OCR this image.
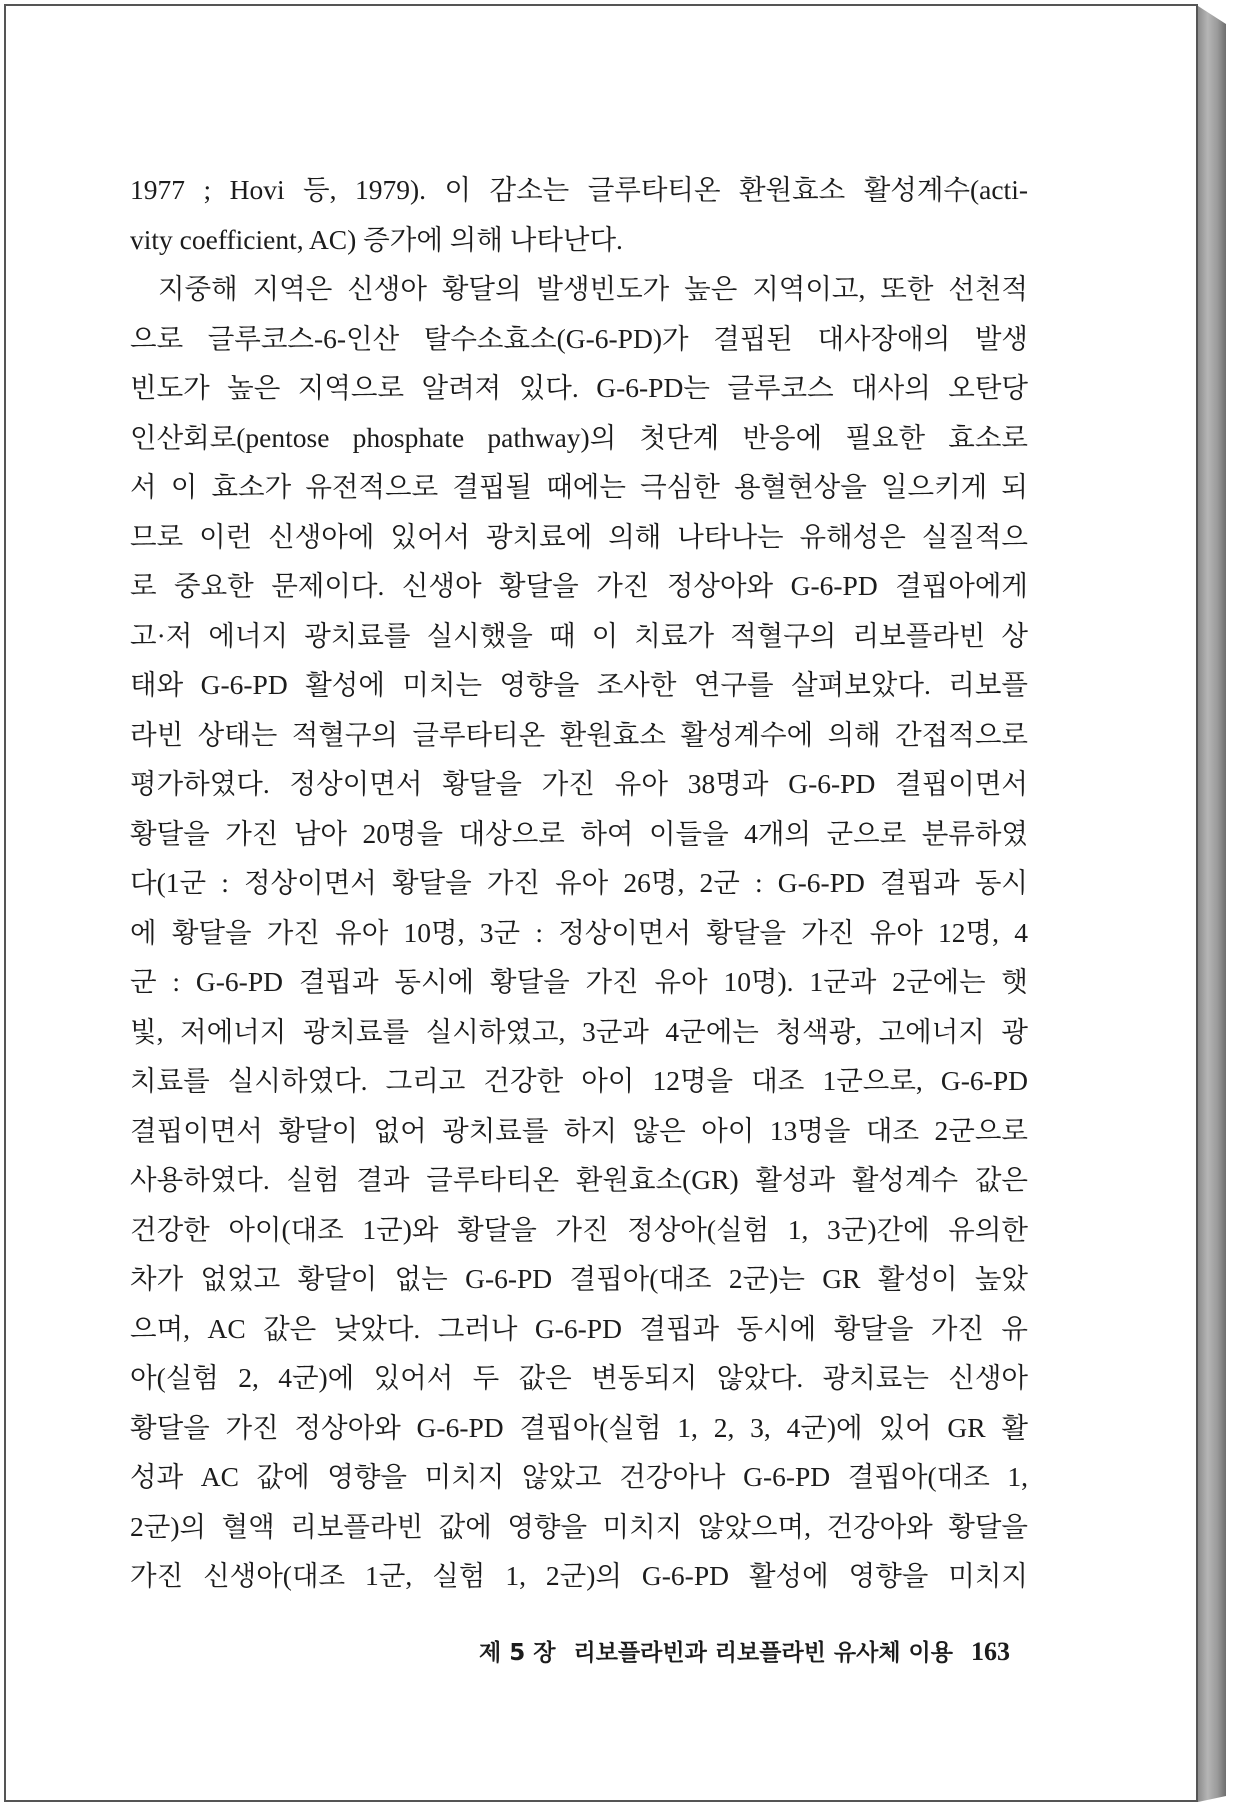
1977 ; Hovi 등, 1979). 이 감소는 글루타티온 환원효소 활성계수(acti-
vity coefficient, AC) 증가에 의해 나타난다.
지중해 지역은 신생아 황달의 발생빈도가 높은 지역이고, 또한 선천적
으로 글루코스-6-인산 탈수소효소(G-6-PD)가 결핍된 대사장애의 발생
빈도가 높은 지역으로 알려져 있다. G-6-PD는 글루코스 대사의 오탄당
인산회로(pentose phosphate pathway)의 첫단계 반응에 필요한 효소로
서 이 효소가 유전적으로 결핍될 때에는 극심한 용혈현상을 일으키게 되
므로 이런 신생아에 있어서 광치료에 의해 나타나는 유해성은 실질적으
로 중요한 문제이다. 신생아 황달을 가진 정상아와 G-6-PD 결핍아에게
고·저 에너지 광치료를 실시했을 때 이 치료가 적혈구의 리보플라빈 상
태와 G-6-PD 활성에 미치는 영향을 조사한 연구를 살펴보았다. 리보플
라빈 상태는 적혈구의 글루타티온 환원효소 활성계수에 의해 간접적으로
평가하였다. 정상이면서 황달을 가진 유아 38명과 G-6-PD 결핍이면서
황달을 가진 남아 20명을 대상으로 하여 이들을 4개의 군으로 분류하였
다(1군 : 정상이면서 황달을 가진 유아 26명, 2군 : G-6-PD 결핍과 동시
에 황달을 가진 유아 10명, 3군 : 정상이면서 황달을 가진 유아 12명, 4
군 : G-6-PD 결핍과 동시에 황달을 가진 유아 10명). 1군과 2군에는 햇
빛, 저에너지 광치료를 실시하였고, 3군과 4군에는 청색광, 고에너지 광
치료를 실시하였다. 그리고 건강한 아이 12명을 대조 1군으로, G-6-PD
결핍이면서 황달이 없어 광치료를 하지 않은 아이 13명을 대조 2군으로
사용하였다. 실험 결과 글루타티온 환원효소(GR) 활성과 활성계수 값은
건강한 아이(대조 1군)와 황달을 가진 정상아(실험 1, 3군)간에 유의한
차가 없었고 황달이 없는 G-6-PD 결핍아(대조 2군)는 GR 활성이 높았
으며, AC 값은 낮았다. 그러나 G-6-PD 결핍과 동시에 황달을 가진 유
아(실험 2, 4군)에 있어서 두 값은 변동되지 않았다. 광치료는 신생아
황달을 가진 정상아와 G-6-PD 결핍아(실험 1, 2, 3, 4군)에 있어 GR 활
성과 AC 값에 영향을 미치지 않았고 건강아나 G-6-PD 결핍아(대조 1,
2군)의 혈액 리보플라빈 값에 영향을 미치지 않았으며, 건강아와 황달을
가진 신생아(대조 1군, 실험 1, 2군)의 G-6-PD 활성에 영향을 미치지
제 5 장 리보플라빈과 리보플라빈 유사체 이용 163
